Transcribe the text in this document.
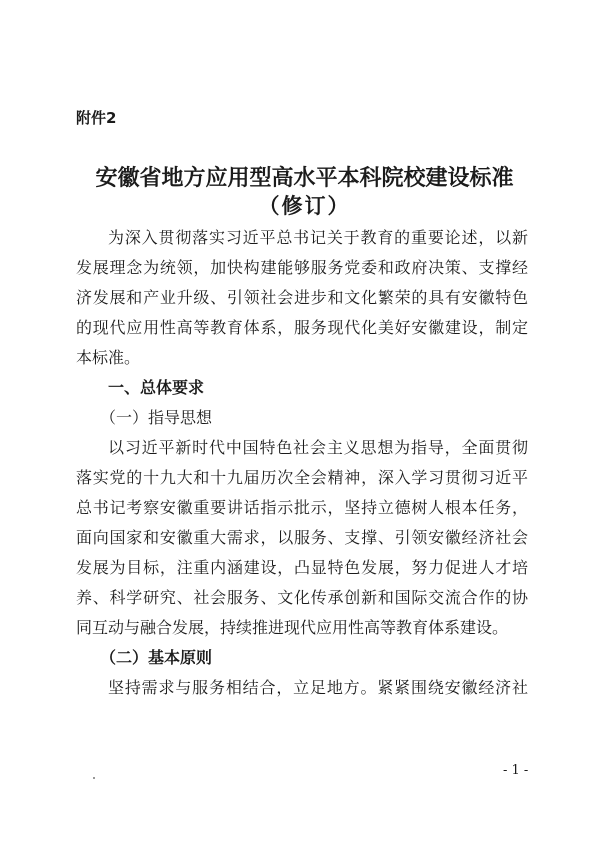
附件2
安徽省地方应用型高水平本科院校建设标准
（修订）
为深入贯彻落实习近平总书记关于教育的重要论述，以新
发展理念为统领，加快构建能够服务党委和政府决策、支撑经
济发展和产业升级、引领社会进步和文化繁荣的具有安徽特色
的现代应用性高等教育体系，服务现代化美好安徽建设，制定
本标准。
一、总体要求
（一）指导思想
以习近平新时代中国特色社会主义思想为指导，全面贯彻
落实党的十九大和十九届历次全会精神，深入学习贯彻习近平
总书记考察安徽重要讲话指示批示，坚持立德树人根本任务，
面向国家和安徽重大需求，以服务、支撑、引领安徽经济社会
发展为目标，注重内涵建设，凸显特色发展，努力促进人才培
养、科学研究、社会服务、文化传承创新和国际交流合作的协
同互动与融合发展，持续推进现代应用性高等教育体系建设。
（二）基本原则
坚持需求与服务相结合，立足地方。紧紧围绕安徽经济社
- 1 -
